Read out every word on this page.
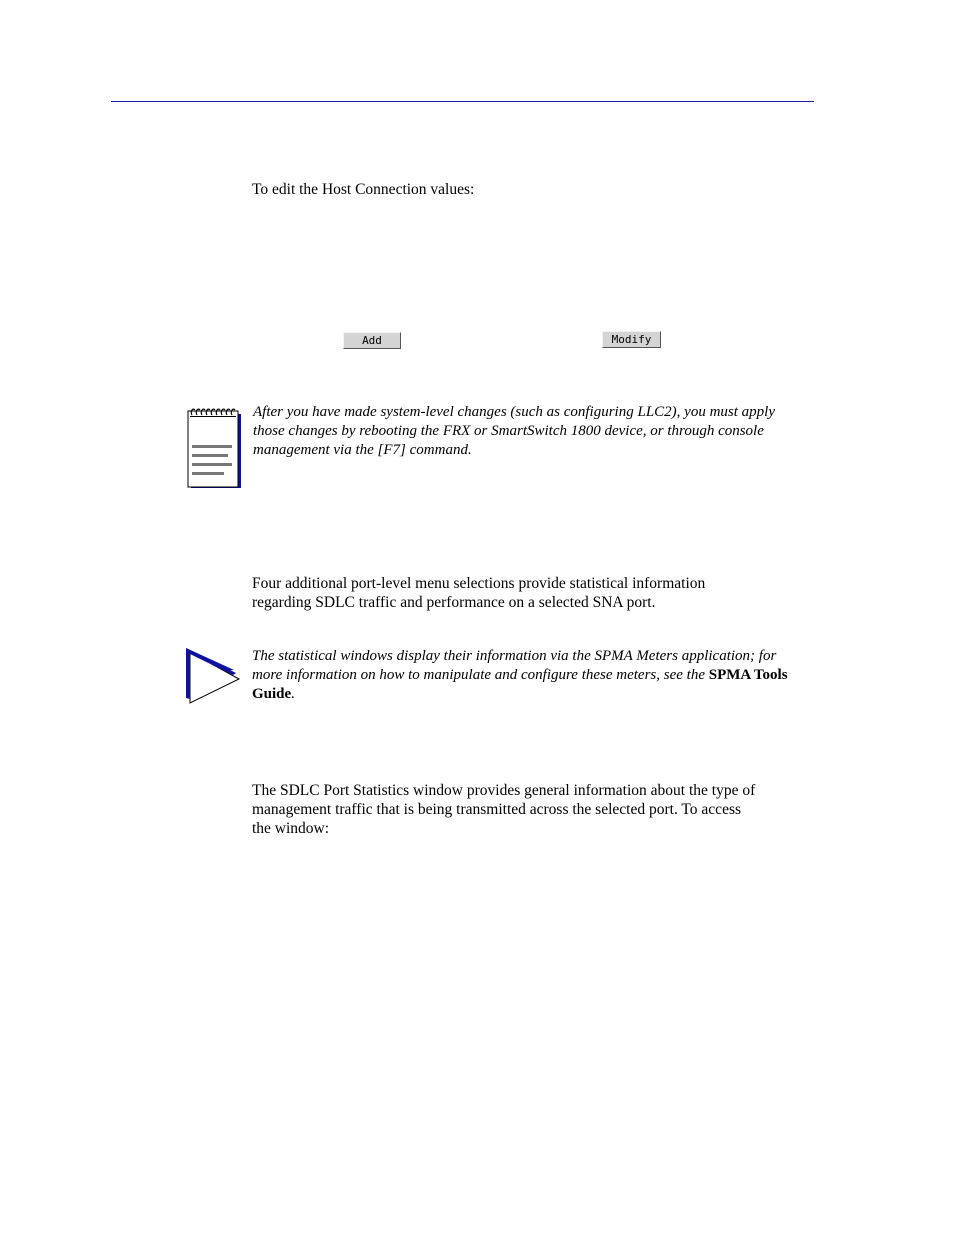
To edit the Host Connection values:

Add	Modify
After you have made system-level changes (such as configuring LLC2), you must apply
those changes by rebooting the FRX or SmartSwitch 1800 device, or through console
management via the [F7] command.
Four additional port-level menu selections provide statistical information
regarding SDLC traffic and performance on a selected SNA port.
The statistical windows display their information via the SPMA Meters application; for
more information on how to manipulate and configure these meters, see the SPMA Tools
Guide.
The SDLC Port Statistics window provides general information about the type of
management traffic that is being transmitted across the selected port. To access
the window:
